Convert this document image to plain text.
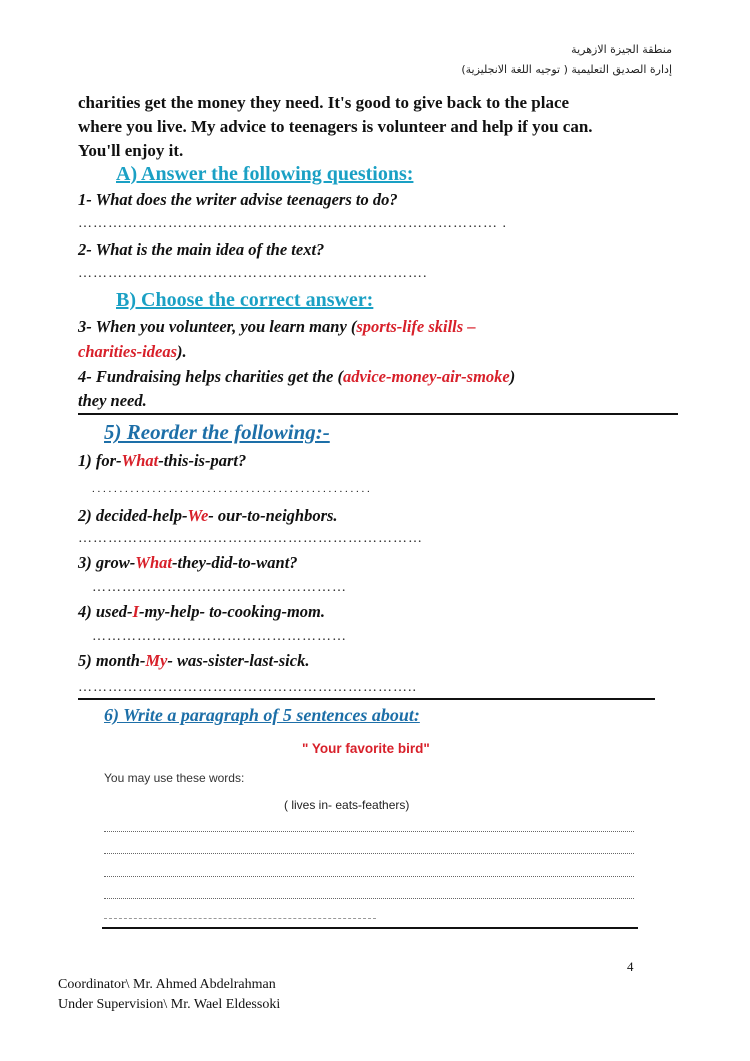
منطقة الجيزة الازهرية
إدارة الصديق التعليمية ( توجيه اللغة الانجليزية)
charities get the money they need. It's good to give back to the place
where you live. My advice to teenagers is volunteer and help if you can.
You'll enjoy it.
A) Answer the following questions:
1- What does the writer advise teenagers to do?
………………………………………………………………………… .
2- What is the main idea of the text?
…………………………………………………………….
B) Choose the correct answer:
3- When you volunteer, you learn many (sports-life skills –
charities-ideas).
4- Fundraising helps charities get the (advice-money-air-smoke)
they need.
5) Reorder the following:-
1) for-What-this-is-part?
. . . . . . . . . . . . . . . . . . . . . . . . . . . . . . . . . . . . . . . . . . . . . . . . . . .
2) decided-help-We- our-to-neighbors.
……………………………………………………………
3) grow-What-they-did-to-want?
……………………………………………
4) used-I-my-help- to-cooking-mom.
……………………………………………
5) month-My- was-sister-last-sick.
…………………………………………………………..
6) Write a paragraph of 5 sentences about:
" Your favorite bird"
You may use these words:
( lives in- eats-feathers)
4
Coordinator\ Mr. Ahmed Abdelrahman
Under Supervision\ Mr. Wael Eldessoki
